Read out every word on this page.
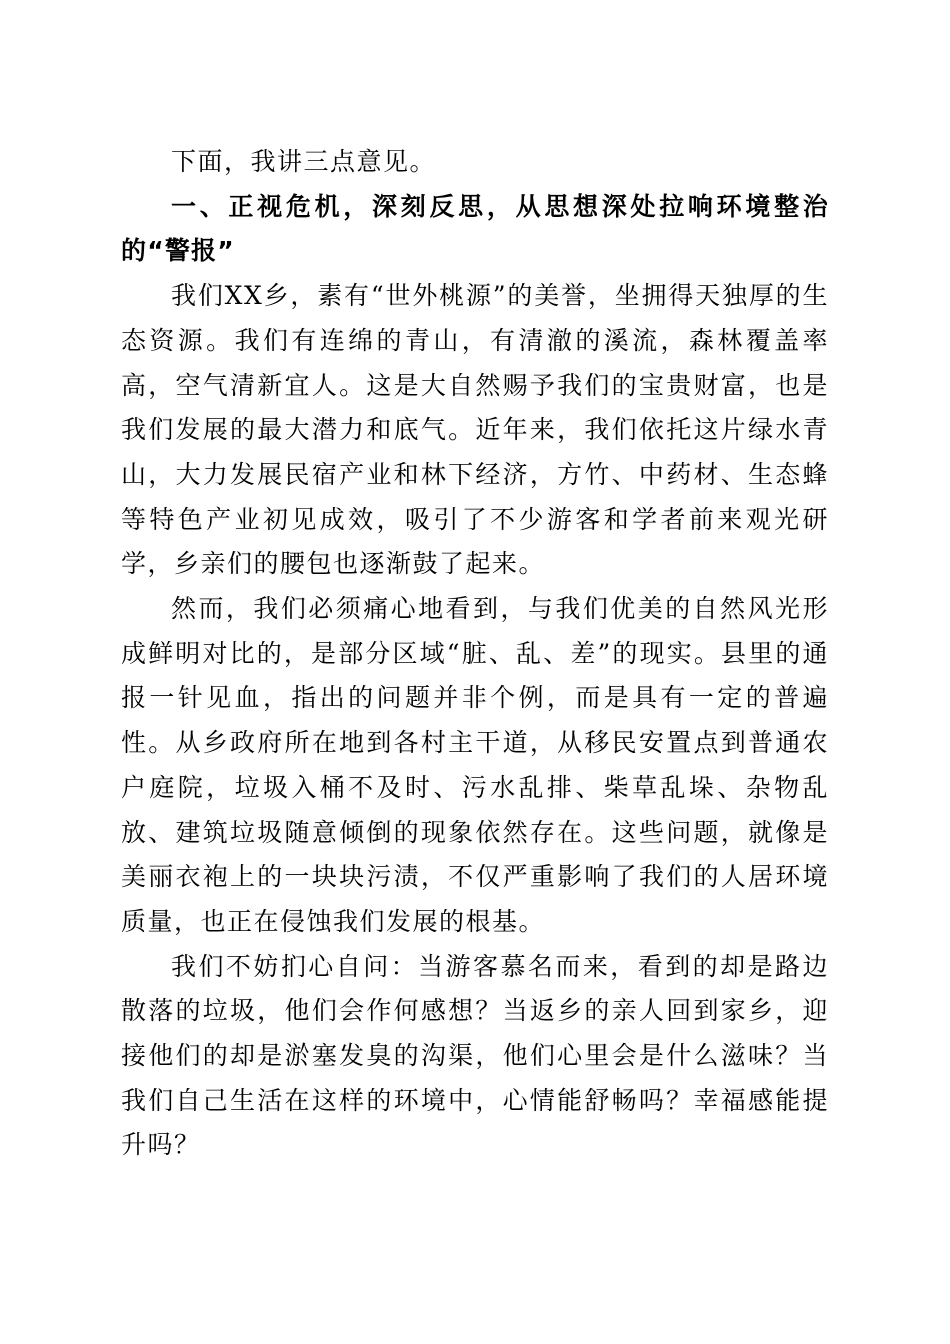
下面，我讲三点意见。

一、正视危机，深刻反思，从思想深处拉响环境整治的“警报”

我们XX乡，素有“世外桃源”的美誉，坐拥得天独厚的生态资源。我们有连绵的青山，有清澈的溪流，森林覆盖率高，空气清新宜人。这是大自然赐予我们的宝贵财富，也是我们发展的最大潜力和底气。近年来，我们依托这片绿水青山，大力发展民宿产业和林下经济，方竹、中药材、生态蜂等特色产业初见成效，吸引了不少游客和学者前来观光研学，乡亲们的腰包也逐渐鼓了起来。

然而，我们必须痛心地看到，与我们优美的自然风光形成鲜明对比的，是部分区域“脏、乱、差”的现实。县里的通报一针见血，指出的问题并非个例，而是具有一定的普遍性。从乡政府所在地到各村主干道，从移民安置点到普通农户庭院，垃圾入桶不及时、污水乱排、柴草乱垛、杂物乱放、建筑垃圾随意倾倒的现象依然存在。这些问题，就像是美丽衣袍上的一块块污渍，不仅严重影响了我们的人居环境质量，也正在侵蚀我们发展的根基。

我们不妨扪心自问：当游客慕名而来，看到的却是路边散落的垃圾，他们会作何感想？当返乡的亲人回到家乡，迎接他们的却是淤塞发臭的沟渠，他们心里会是什么滋味？当我们自己生活在这样的环境中，心情能舒畅吗？幸福感能提升吗？
